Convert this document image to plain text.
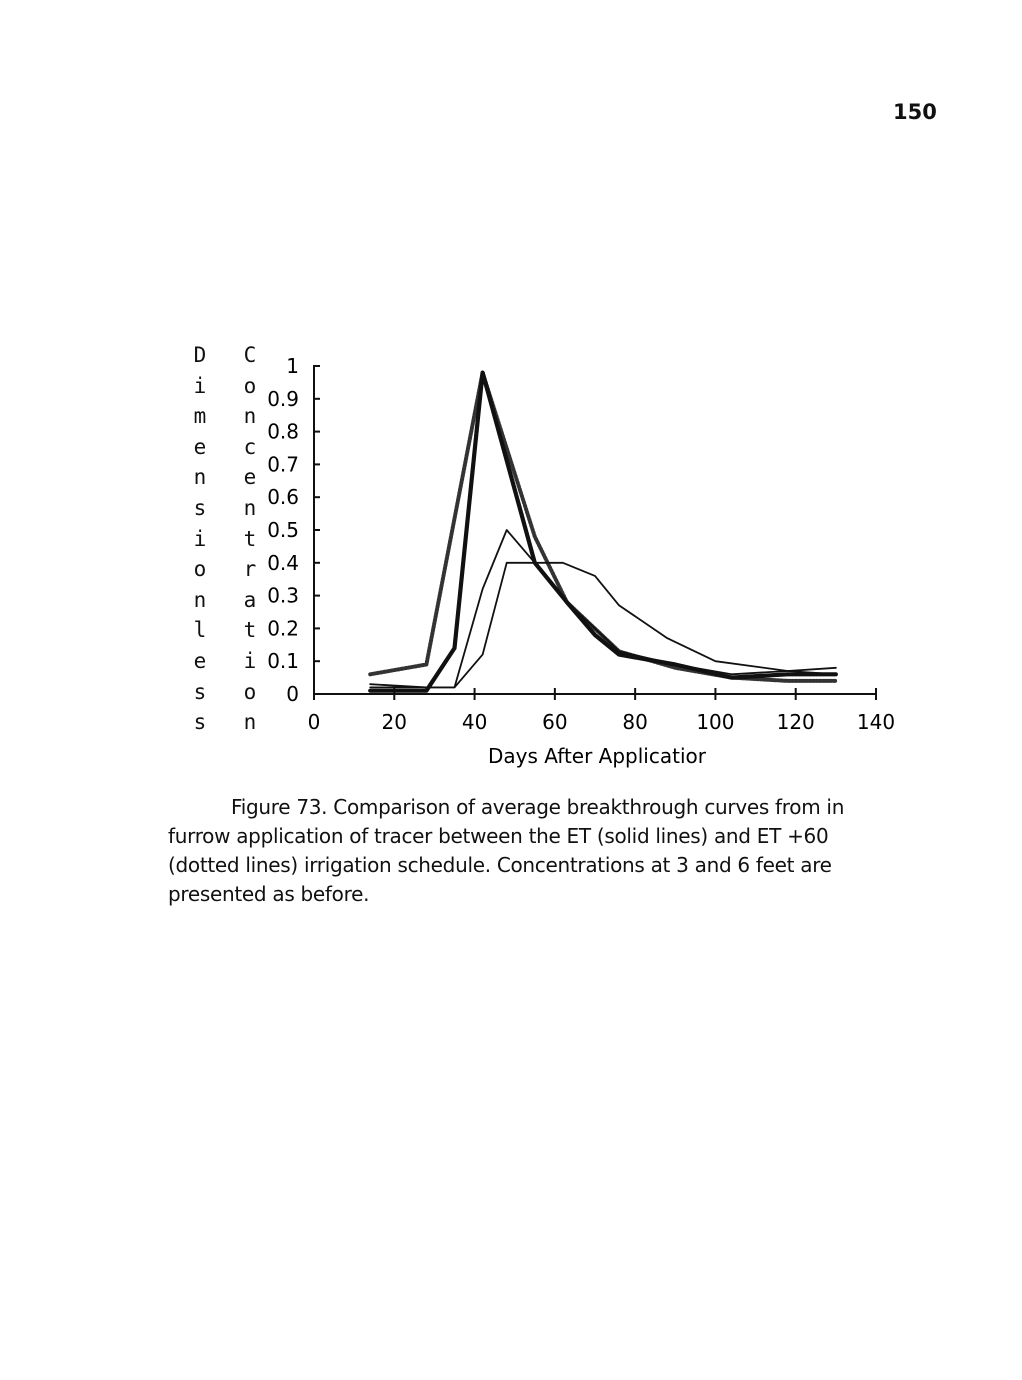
150
D
i
m
e
n
s
i
o
n
l
e
s
s
C
o
n
c
e
n
t
r
a
t
i
o
n
0
0.1
0.2
0.3
0.4
0.5
0.6
0.7
0.8
0.9
1
0	20	40	60	80 100 120 140
Days After Applicatior
Figure 73. Comparison of average breakthrough curves from in furrow application of tracer between the ET (solid lines) and ET +60 (dotted lines) irrigation schedule. Concentrations at 3 and 6 feet are presented as before.
